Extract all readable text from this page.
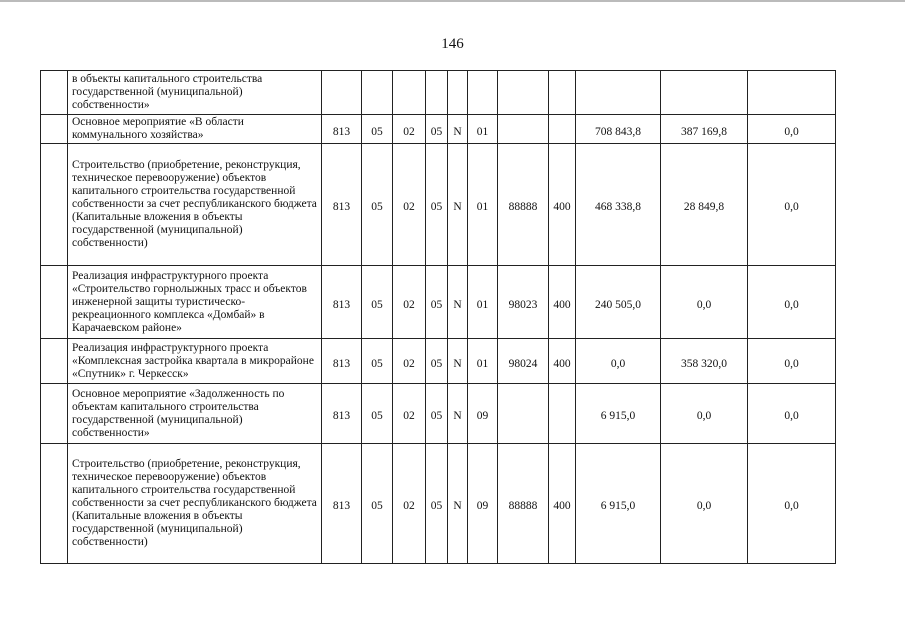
146
	в объекты капитального строительства государственной (муниципальной) собственности»											
	Основное мероприятие «В области коммунального хозяйства»	813	05	02	05	N	01			708 843,8	387 169,8	0,0
	Строительство (приобретение, реконструкция, техническое перевооружение) объектов капитального строительства государственной собственности за счет республиканского бюджета (Капитальные вложения в объекты государственной (муниципальной) собственности)	813	05	02	05	N	01	88888	400	468 338,8	28 849,8	0,0
	Реализация инфраструктурного проекта «Строительство горнолыжных трасс и объектов инженерной защиты туристическо-рекреационного комплекса «Домбай» в Карачаевском районе»	813	05	02	05	N	01	98023	400	240 505,0	0,0	0,0
	Реализация инфраструктурного проекта «Комплексная застройка квартала в микрорайоне «Спутник» г. Черкесск»	813	05	02	05	N	01	98024	400	0,0	358 320,0	0,0
	Основное мероприятие «Задолженность по объектам капитального строительства государственной (муниципальной) собственности»	813	05	02	05	N	09			6 915,0	0,0	0,0
	Строительство (приобретение, реконструкция, техническое перевооружение) объектов капитального строительства государственной собственности за счет республиканского бюджета (Капитальные вложения в объекты государственной (муниципальной) собственности)	813	05	02	05	N	09	88888	400	6 915,0	0,0	0,0
